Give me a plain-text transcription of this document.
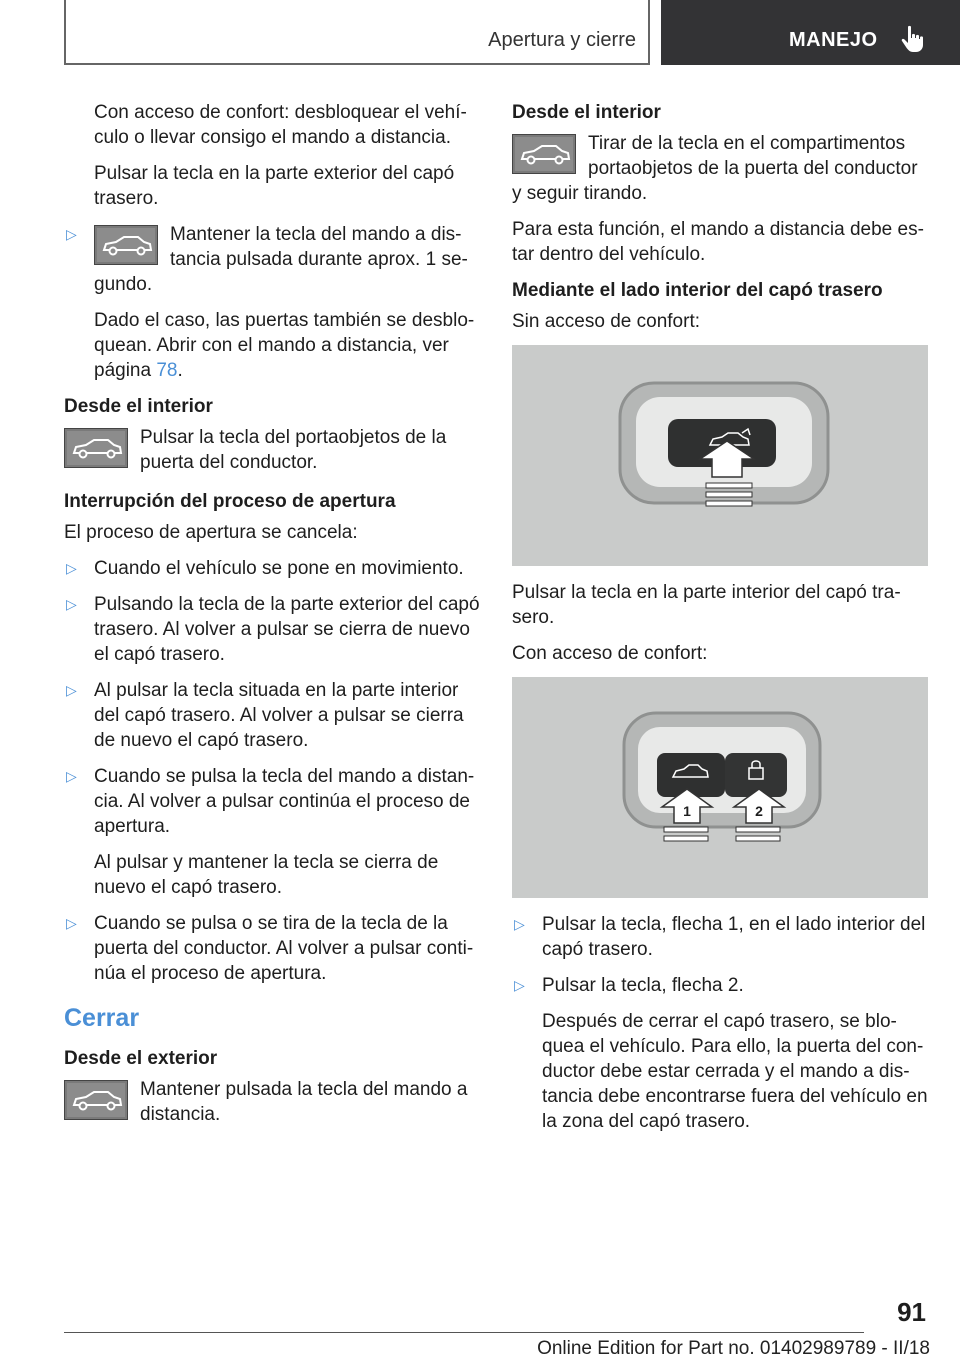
Apertura y cierre	MANEJO

Con acceso de confort: desbloquear el vehículo o llevar consigo el mando a distancia.

Pulsar la tecla en la parte exterior del capó trasero.

▷	Mantener la tecla del mando a distancia pulsada durante aprox. 1 segundo.

Dado el caso, las puertas también se desbloquean. Abrir con el mando a distancia, ver página 78.

Desde el interior

Pulsar la tecla del portaobjetos de la puerta del conductor.

Interrupción del proceso de apertura

El proceso de apertura se cancela:

▷ Cuando el vehículo se pone en movimiento.
▷ Pulsando la tecla de la parte exterior del capó trasero. Al volver a pulsar se cierra de nuevo el capó trasero.
▷ Al pulsar la tecla situada en la parte interior del capó trasero. Al volver a pulsar se cierra de nuevo el capó trasero.
▷ Cuando se pulsa la tecla del mando a distancia. Al volver a pulsar continúa el proceso de apertura.

Al pulsar y mantener la tecla se cierra de nuevo el capó trasero.

▷ Cuando se pulsa o se tira de la tecla de la puerta del conductor. Al volver a pulsar continúa el proceso de apertura.

Cerrar

Desde el exterior

Mantener pulsada la tecla del mando a distancia.

Desde el interior

Tirar de la tecla en el compartimentos portaobjetos de la puerta del conductor y seguir tirando.

Para esta función, el mando a distancia debe estar dentro del vehículo.

Mediante el lado interior del capó trasero

Sin acceso de confort:

Pulsar la tecla en la parte interior del capó trasero.

Con acceso de confort:

1	2
▷ Pulsar la tecla, flecha 1, en el lado interior del capó trasero.
▷ Pulsar la tecla, flecha 2.

Después de cerrar el capó trasero, se bloquea el vehículo. Para ello, la puerta del conductor debe estar cerrada y el mando a distancia debe encontrarse fuera del vehículo en la zona del capó trasero.

91
Online Edition for Part no. 01402989789 - II/18
